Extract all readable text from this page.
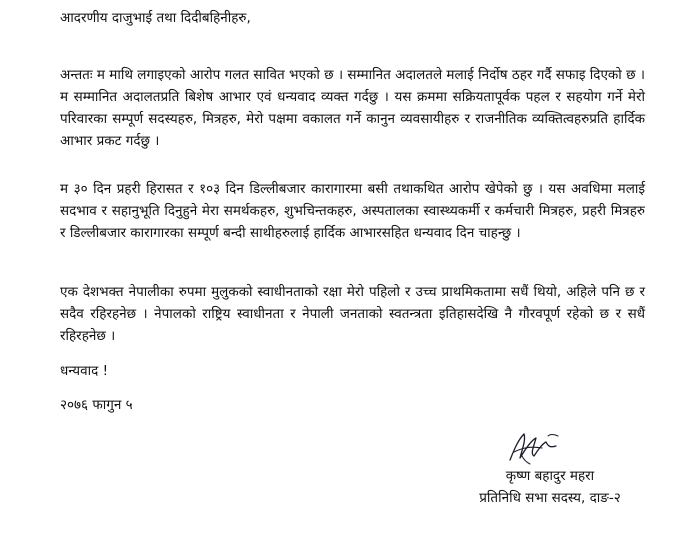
आदरणीय दाजुभाई तथा दिदीबहिनीहरु,
अन्ततः म माथि लगाइएको आरोप गलत सावित भएको छ । सम्मानित अदालतले मलाई निर्दोष ठहर गर्दै सफाइ दिएको छ । म सम्मानित अदालतप्रति बिशेष आभार एवं धन्यवाद व्यक्त गर्दछु । यस क्रममा सक्रियतापूर्वक पहल र सहयोग गर्ने मेरो परिवारका सम्पूर्ण सदस्यहरु, मित्रहरु, मेरो पक्षमा वकालत गर्ने कानुन व्यवसायीहरु र राजनीतिक व्यक्तित्वहरुप्रति हार्दिक आभार प्रकट गर्दछु ।
म ३० दिन प्रहरी हिरासत र १०३ दिन डिल्लीबजार कारागारमा बसी तथाकथित आरोप खेपेको छु । यस अवधिमा मलाई सदभाव र सहानुभूति दिनुहुने मेरा समर्थकहरु, शुभचिन्तकहरु, अस्पतालका स्वास्थ्यकर्मी र कर्मचारी मित्रहरु, प्रहरी मित्रहरु र डिल्लीबजार कारागारका सम्पूर्ण बन्दी साथीहरुलाई हार्दिक आभारसहित धन्यवाद दिन चाहन्छु ।
एक देशभक्त नेपालीका रुपमा मुलुकको स्वाधीनताको रक्षा मेरो पहिलो र उच्च प्राथमिकतामा सधैं थियो, अहिले पनि छ र सदैव रहिरहनेछ । नेपालको राष्ट्रिय स्वाधीनता र नेपाली जनताको स्वतन्त्रता इतिहासदेखि नै गौरवपूर्ण रहेको छ र सधैं रहिरहनेछ ।
धन्यवाद !
२०७६ फागुन ५
कृष्ण बहादुर महरा
प्रतिनिधि सभा सदस्य, दाङ-२
